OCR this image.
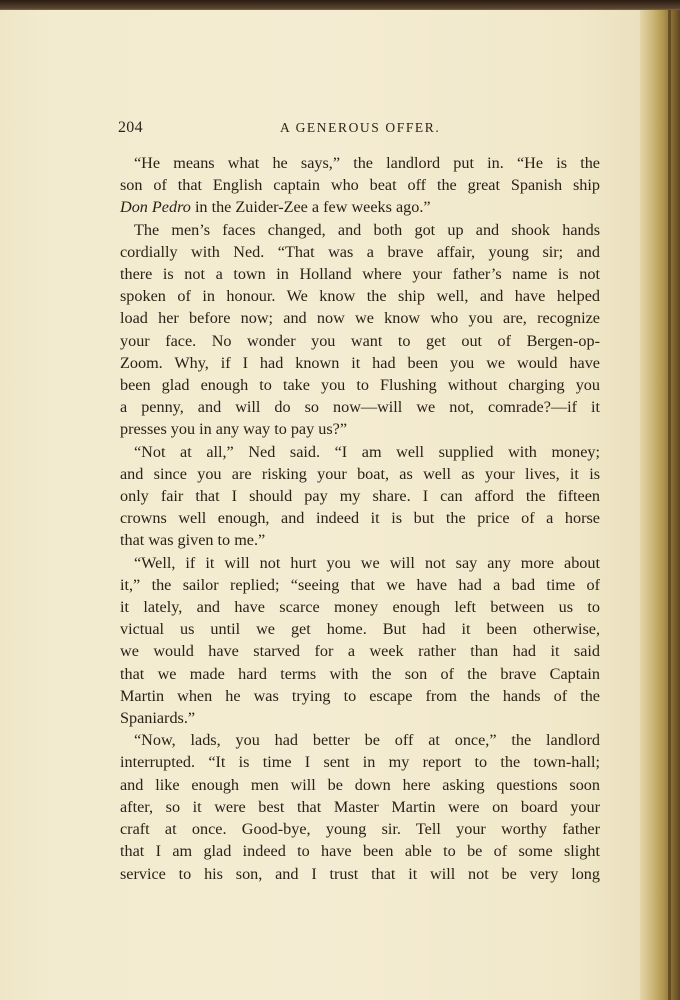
204	A GENEROUS OFFER.
“He means what he says,” the landlord put in. “He is the
son of that English captain who beat off the great Spanish ship
Don Pedro in the Zuider-Zee a few weeks ago.”
The men’s faces changed, and both got up and shook hands
cordially with Ned. “That was a brave affair, young sir; and
there is not a town in Holland where your father’s name is not
spoken of in honour. We know the ship well, and have helped
load her before now; and now we know who you are, recognize
your face. No wonder you want to get out of Bergen-op-
Zoom. Why, if I had known it had been you we would have
been glad enough to take you to Flushing without charging you
a penny, and will do so now—will we not, comrade?—if it
presses you in any way to pay us?”
“Not at all,” Ned said. “I am well supplied with money;
and since you are risking your boat, as well as your lives, it is
only fair that I should pay my share. I can afford the fifteen
crowns well enough, and indeed it is but the price of a horse
that was given to me.”
“Well, if it will not hurt you we will not say any more about
it,” the sailor replied; “seeing that we have had a bad time of
it lately, and have scarce money enough left between us to
victual us until we get home. But had it been otherwise,
we would have starved for a week rather than had it said
that we made hard terms with the son of the brave Captain
Martin when he was trying to escape from the hands of the
Spaniards.”
“Now, lads, you had better be off at once,” the landlord
interrupted. “It is time I sent in my report to the town-hall;
and like enough men will be down here asking questions soon
after, so it were best that Master Martin were on board your
craft at once. Good-bye, young sir. Tell your worthy father
that I am glad indeed to have been able to be of some slight
service to his son, and I trust that it will not be very long
